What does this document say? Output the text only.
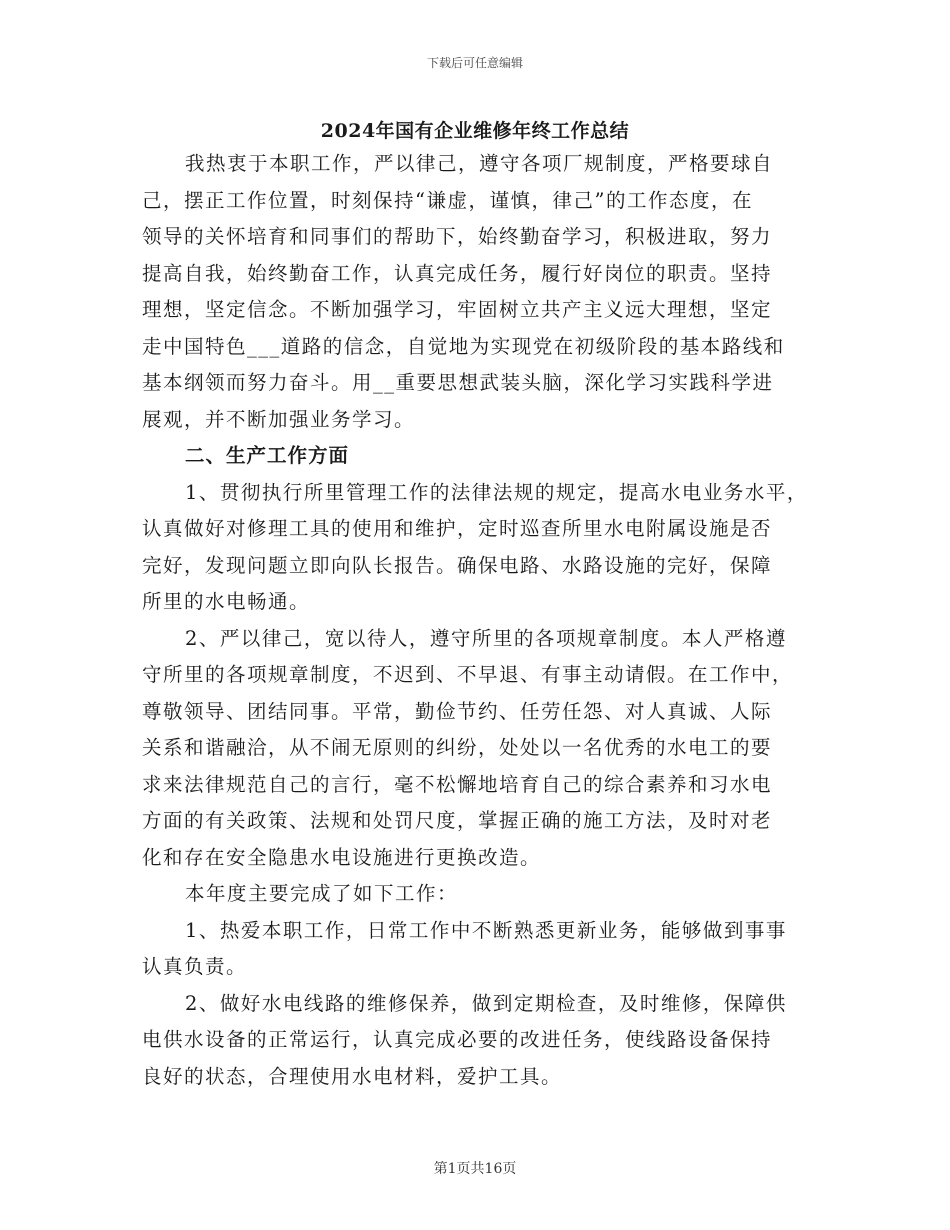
下载后可任意编辑
2024年国有企业维修年终工作总结
我热衷于本职工作，严以律己，遵守各项厂规制度，严格要球自
己，摆正工作位置，时刻保持“谦虚，谨慎，律己”的工作态度，在
领导的关怀培育和同事们的帮助下，始终勤奋学习，积极进取，努力
提高自我，始终勤奋工作，认真完成任务，履行好岗位的职责。坚持
理想，坚定信念。不断加强学习，牢固树立共产主义远大理想，坚定
走中国特色___道路的信念，自觉地为实现党在初级阶段的基本路线和
基本纲领而努力奋斗。用__重要思想武装头脑，深化学习实践科学进
展观，并不断加强业务学习。
二、生产工作方面
1、贯彻执行所里管理工作的法律法规的规定，提高水电业务水平，
认真做好对修理工具的使用和维护，定时巡查所里水电附属设施是否
完好，发现问题立即向队长报告。确保电路、水路设施的完好，保障
所里的水电畅通。
2、严以律己，宽以待人，遵守所里的各项规章制度。本人严格遵
守所里的各项规章制度，不迟到、不早退、有事主动请假。在工作中，
尊敬领导、团结同事。平常，勤俭节约、任劳任怨、对人真诚、人际
关系和谐融洽，从不闹无原则的纠纷，处处以一名优秀的水电工的要
求来法律规范自己的言行，毫不松懈地培育自己的综合素养和习水电
方面的有关政策、法规和处罚尺度，掌握正确的施工方法，及时对老
化和存在安全隐患水电设施进行更换改造。
本年度主要完成了如下工作：
1、热爱本职工作，日常工作中不断熟悉更新业务，能够做到事事
认真负责。
2、做好水电线路的维修保养，做到定期检查，及时维修，保障供
电供水设备的正常运行，认真完成必要的改进任务，使线路设备保持
良好的状态，合理使用水电材料，爱护工具。
第1页共16页
